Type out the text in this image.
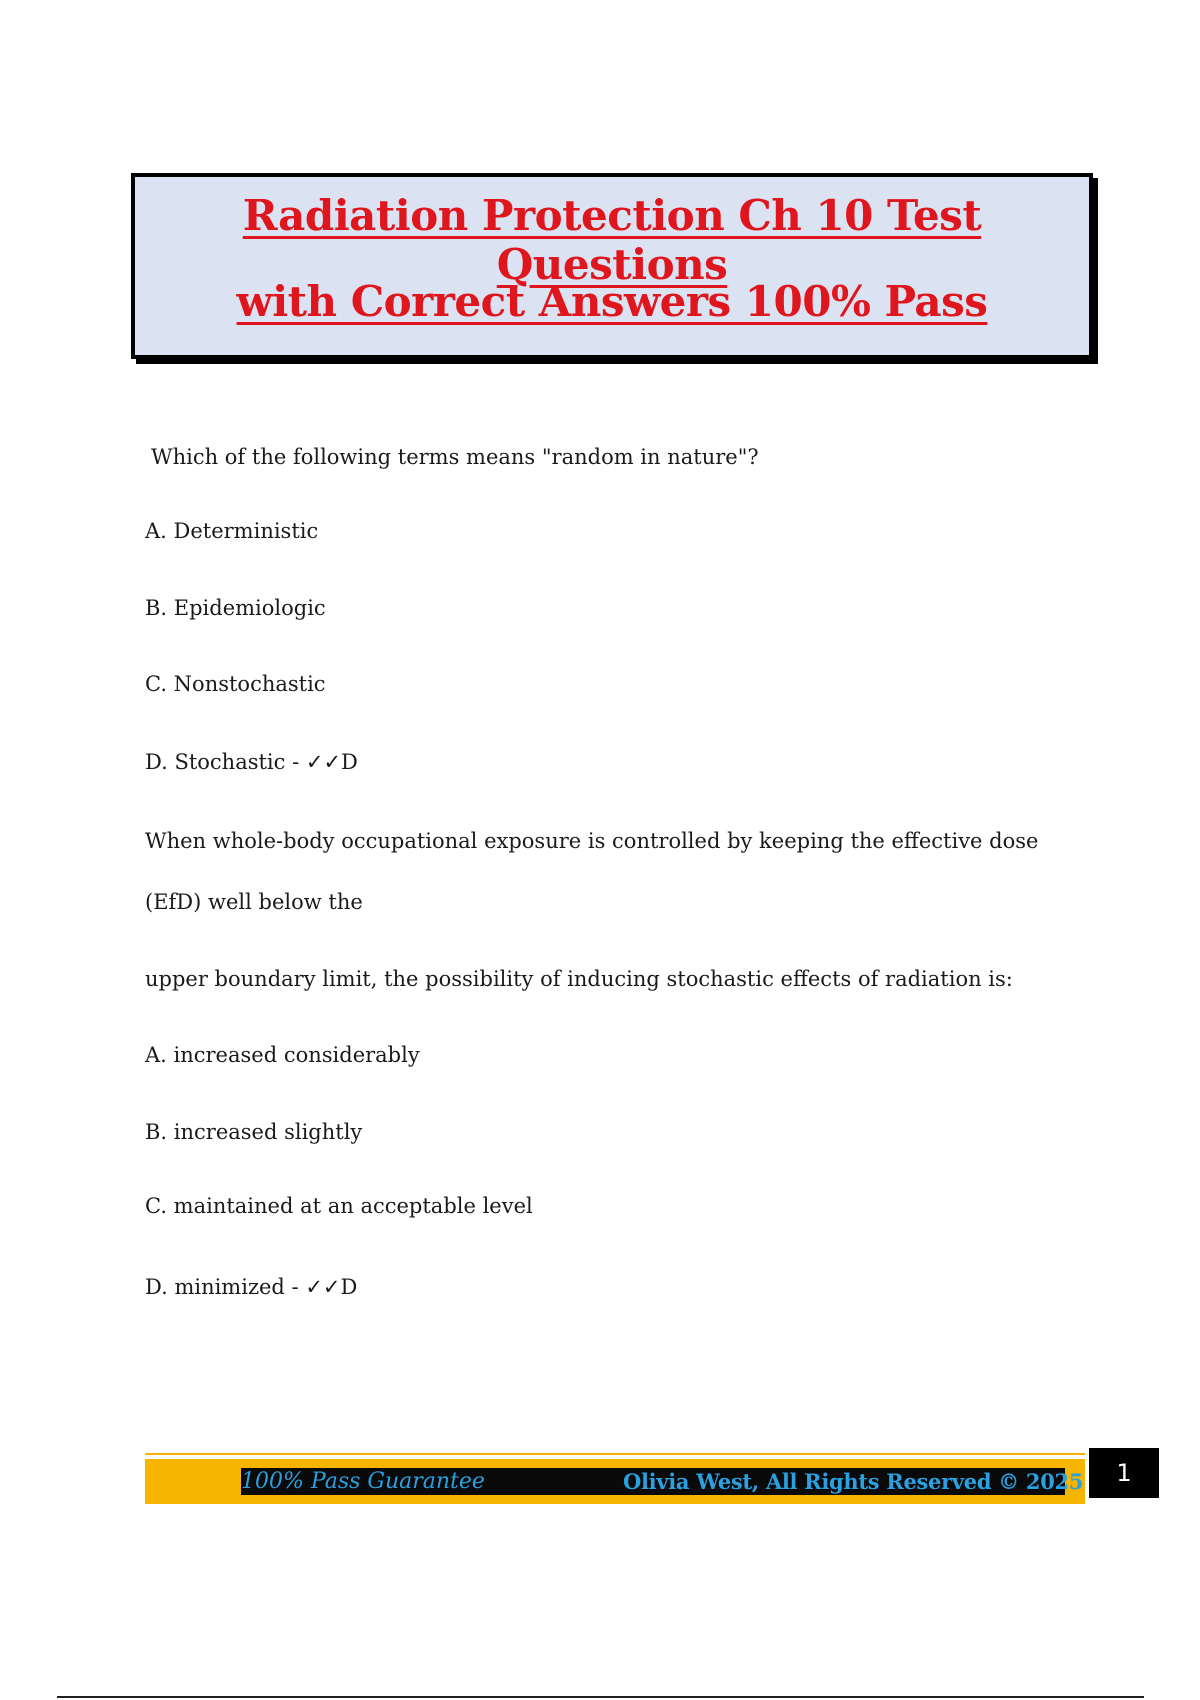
Radiation Protection Ch 10 Test Questions
with Correct Answers 100% Pass
Which of the following terms means "random in nature"?
A. Deterministic
B. Epidemiologic
C. Nonstochastic
D. Stochastic - ✓✓D
When whole-body occupational exposure is controlled by keeping the effective dose
(EfD) well below the
upper boundary limit, the possibility of inducing stochastic effects of radiation is:
A. increased considerably
B. increased slightly
C. maintained at an acceptable level
D. minimized - ✓✓D
100% Pass Guarantee	Olivia West, All Rights Reserved © 2025	1
